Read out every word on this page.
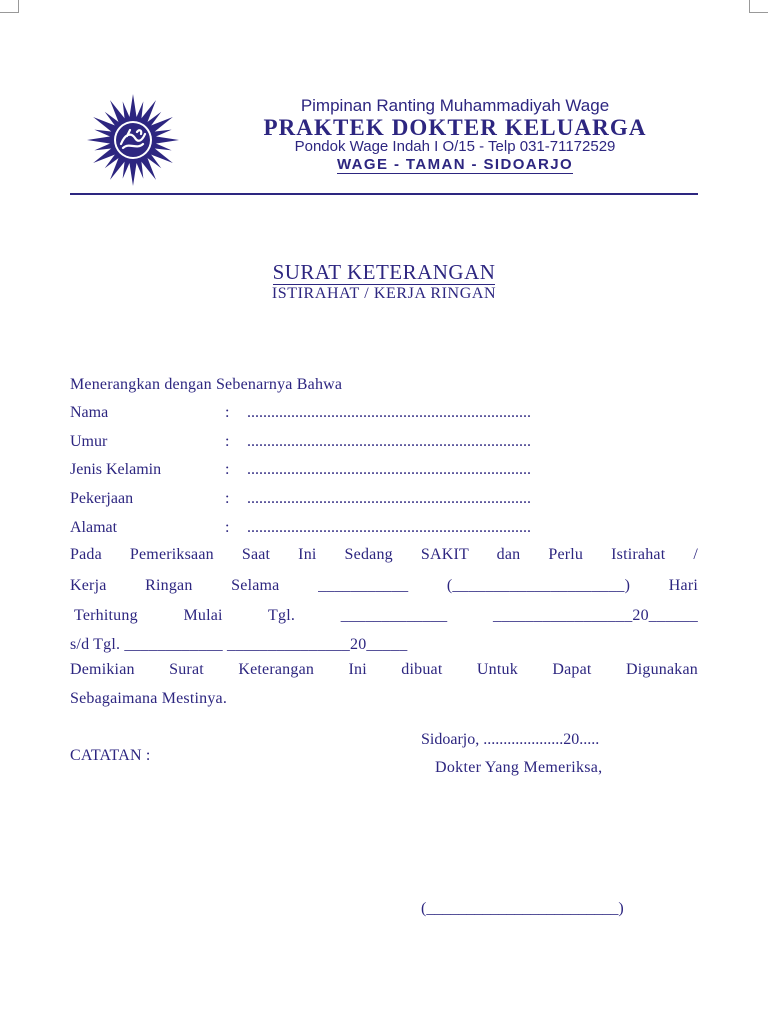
Pimpinan Ranting Muhammadiyah Wage
PRAKTEK DOKTER KELUARGA
Pondok Wage Indah I O/15 - Telp 031-71172529
WAGE - TAMAN - SIDOARJO
SURAT KETERANGAN
ISTIRAHAT / KERJA RINGAN
Menerangkan dengan Sebenarnya Bahwa
Nama	: .......................................................................
Umur	: .......................................................................
Jenis Kelamin	: .......................................................................
Pekerjaan	: .......................................................................
Alamat	: .......................................................................
Pada Pemeriksaan Saat Ini Sedang SAKIT dan Perlu Istirahat /
Kerja Ringan Selama ___________ (_____________________) Hari
Terhitung Mulai Tgl. _____________ _________________20______
s/d Tgl. ____________ _______________20_____
Demikian Surat Keterangan Ini dibuat Untuk Dapat Digunakan
Sebagaimana Mestinya.
CATATAN :
Sidoarjo, ....................20.....
Dokter Yang Memeriksa,
(________________________)
